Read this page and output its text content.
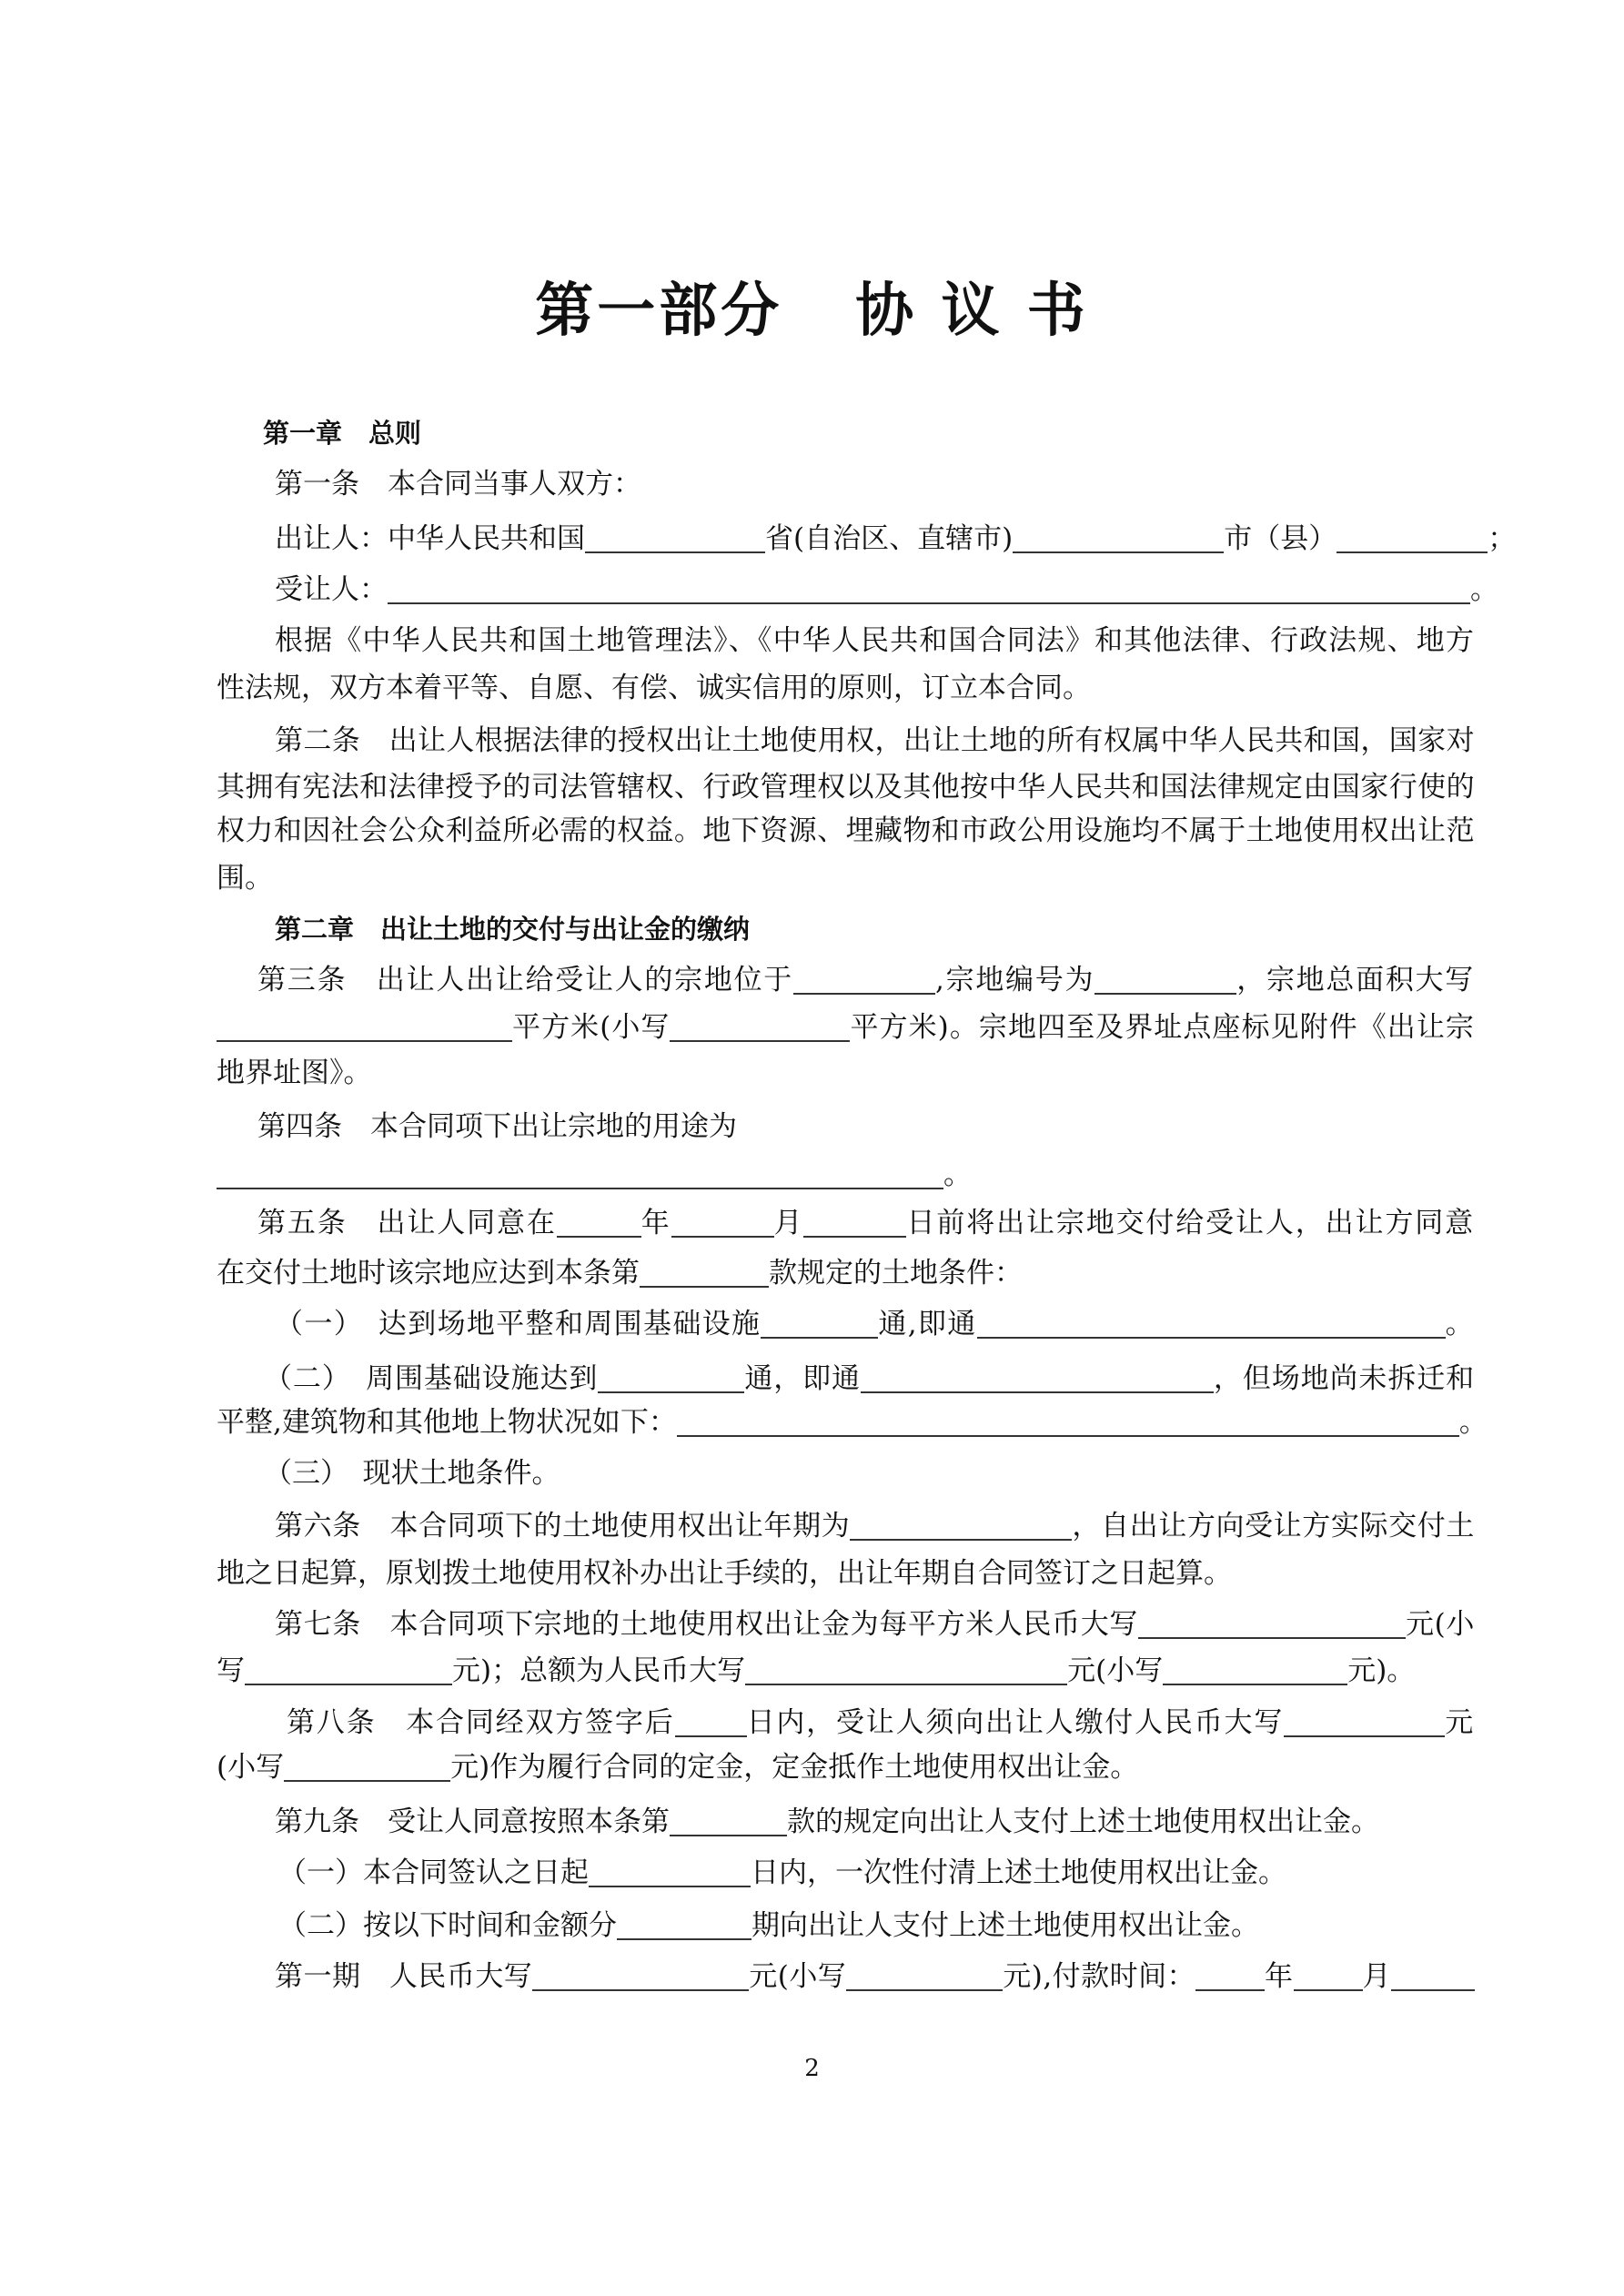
第一部分 协 议 书
第一章　总则
第一条　本合同当事人双方：
出让人：中华人民共和国	省(自治区、直辖市)	市（县）	；
受让人：	。
根据《中华人民共和国土地管理法》、《中华人民共和国合同法》和其他法律、行政法规、地方
性法规，双方本着平等、自愿、有偿、诚实信用的原则，订立本合同。
第二条　出让人根据法律的授权出让土地使用权，出让土地的所有权属中华人民共和国，国家对
其拥有宪法和法律授予的司法管辖权、行政管理权以及其他按中华人民共和国法律规定由国家行使的
权力和因社会公众利益所必需的权益。地下资源、埋藏物和市政公用设施均不属于土地使用权出让范
围。
第二章　出让土地的交付与出让金的缴纳
第三条　出让人出让给受让人的宗地位于	,宗地编号为	，宗地总面积大写
平方米(小写	平方米)。宗地四至及界址点座标见附件《出让宗
地界址图》。
第四条　本合同项下出让宗地的用途为
。
第五条　出让人同意在	年	月	日前将出让宗地交付给受让人，出让方同意
在交付土地时该宗地应达到本条第	款规定的土地条件：
（一）　达到场地平整和周围基础设施	通,即通	。
（二）　周围基础设施达到	通，即通	，但场地尚未拆迁和
平整,建筑物和其他地上物状况如下：	。
（三）　现状土地条件。
第六条　本合同项下的土地使用权出让年期为	，自出让方向受让方实际交付土
地之日起算，原划拨土地使用权补办出让手续的，出让年期自合同签订之日起算。
第七条　本合同项下宗地的土地使用权出让金为每平方米人民币大写	元(小
写	元)；总额为人民币大写	元(小写	元)。
第八条　本合同经双方签字后	日内，受让人须向出让人缴付人民币大写	元
(小写	元)作为履行合同的定金，定金抵作土地使用权出让金。
第九条　受让人同意按照本条第	款的规定向出让人支付上述土地使用权出让金。
（一）本合同签认之日起	日内，一次性付清上述土地使用权出让金。
（二）按以下时间和金额分	期向出让人支付上述土地使用权出让金。
第一期　人民币大写	元(小写	元),付款时间： 年 月
2
